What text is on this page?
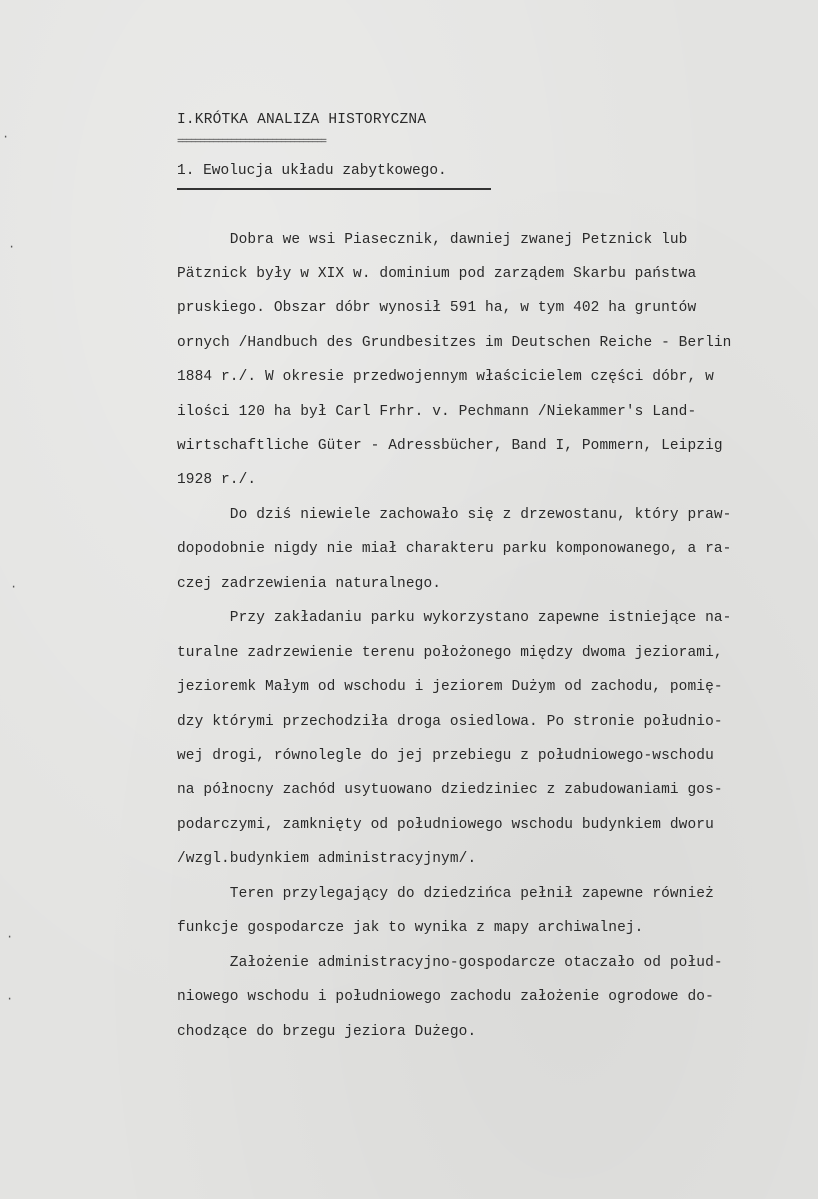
I.KRÓTKA ANALIZA HISTORYCZNA
=================================
1. Ewolucja układu zabytkowego.
Dobra we wsi Piasecznik, dawniej zwanej Petznick lub
Pätznick były w XIX w. dominium pod zarządem Skarbu państwa
pruskiego. Obszar dóbr wynosił 591 ha, w tym 402 ha gruntów
ornych /Handbuch des Grundbesitzes im Deutschen Reiche - Berlin
1884 r./. W okresie przedwojennym właścicielem części dóbr, w
ilości 120 ha był Carl Frhr. v. Pechmann /Niekammer's Land-
wirtschaftliche Güter - Adressbücher, Band I, Pommern, Leipzig
1928 r./.
Do dziś niewiele zachowało się z drzewostanu, który praw-
dopodobnie nigdy nie miał charakteru parku komponowanego, a ra-
czej zadrzewienia naturalnego.
Przy zakładaniu parku wykorzystano zapewne istniejące na-
turalne zadrzewienie terenu położonego między dwoma jeziorami,
jezioremk Małym od wschodu i jeziorem Dużym od zachodu, pomię-
dzy którymi przechodziła droga osiedlowa. Po stronie południo-
wej drogi, równolegle do jej przebiegu z południowego-wschodu
na północny zachód usytuowano dziedziniec z zabudowaniami gos-
podarczymi, zamknięty od południowego wschodu budynkiem dworu
/wzgl.budynkiem administracyjnym/.
Teren przylegający do dziedzińca pełnił zapewne również
funkcje gospodarcze jak to wynika z mapy archiwalnej.
Założenie administracyjno-gospodarcze otaczało od połud-
niowego wschodu i południowego zachodu założenie ogrodowe do-
chodzące do brzegu jeziora Dużego.
·
·
·
·
·
